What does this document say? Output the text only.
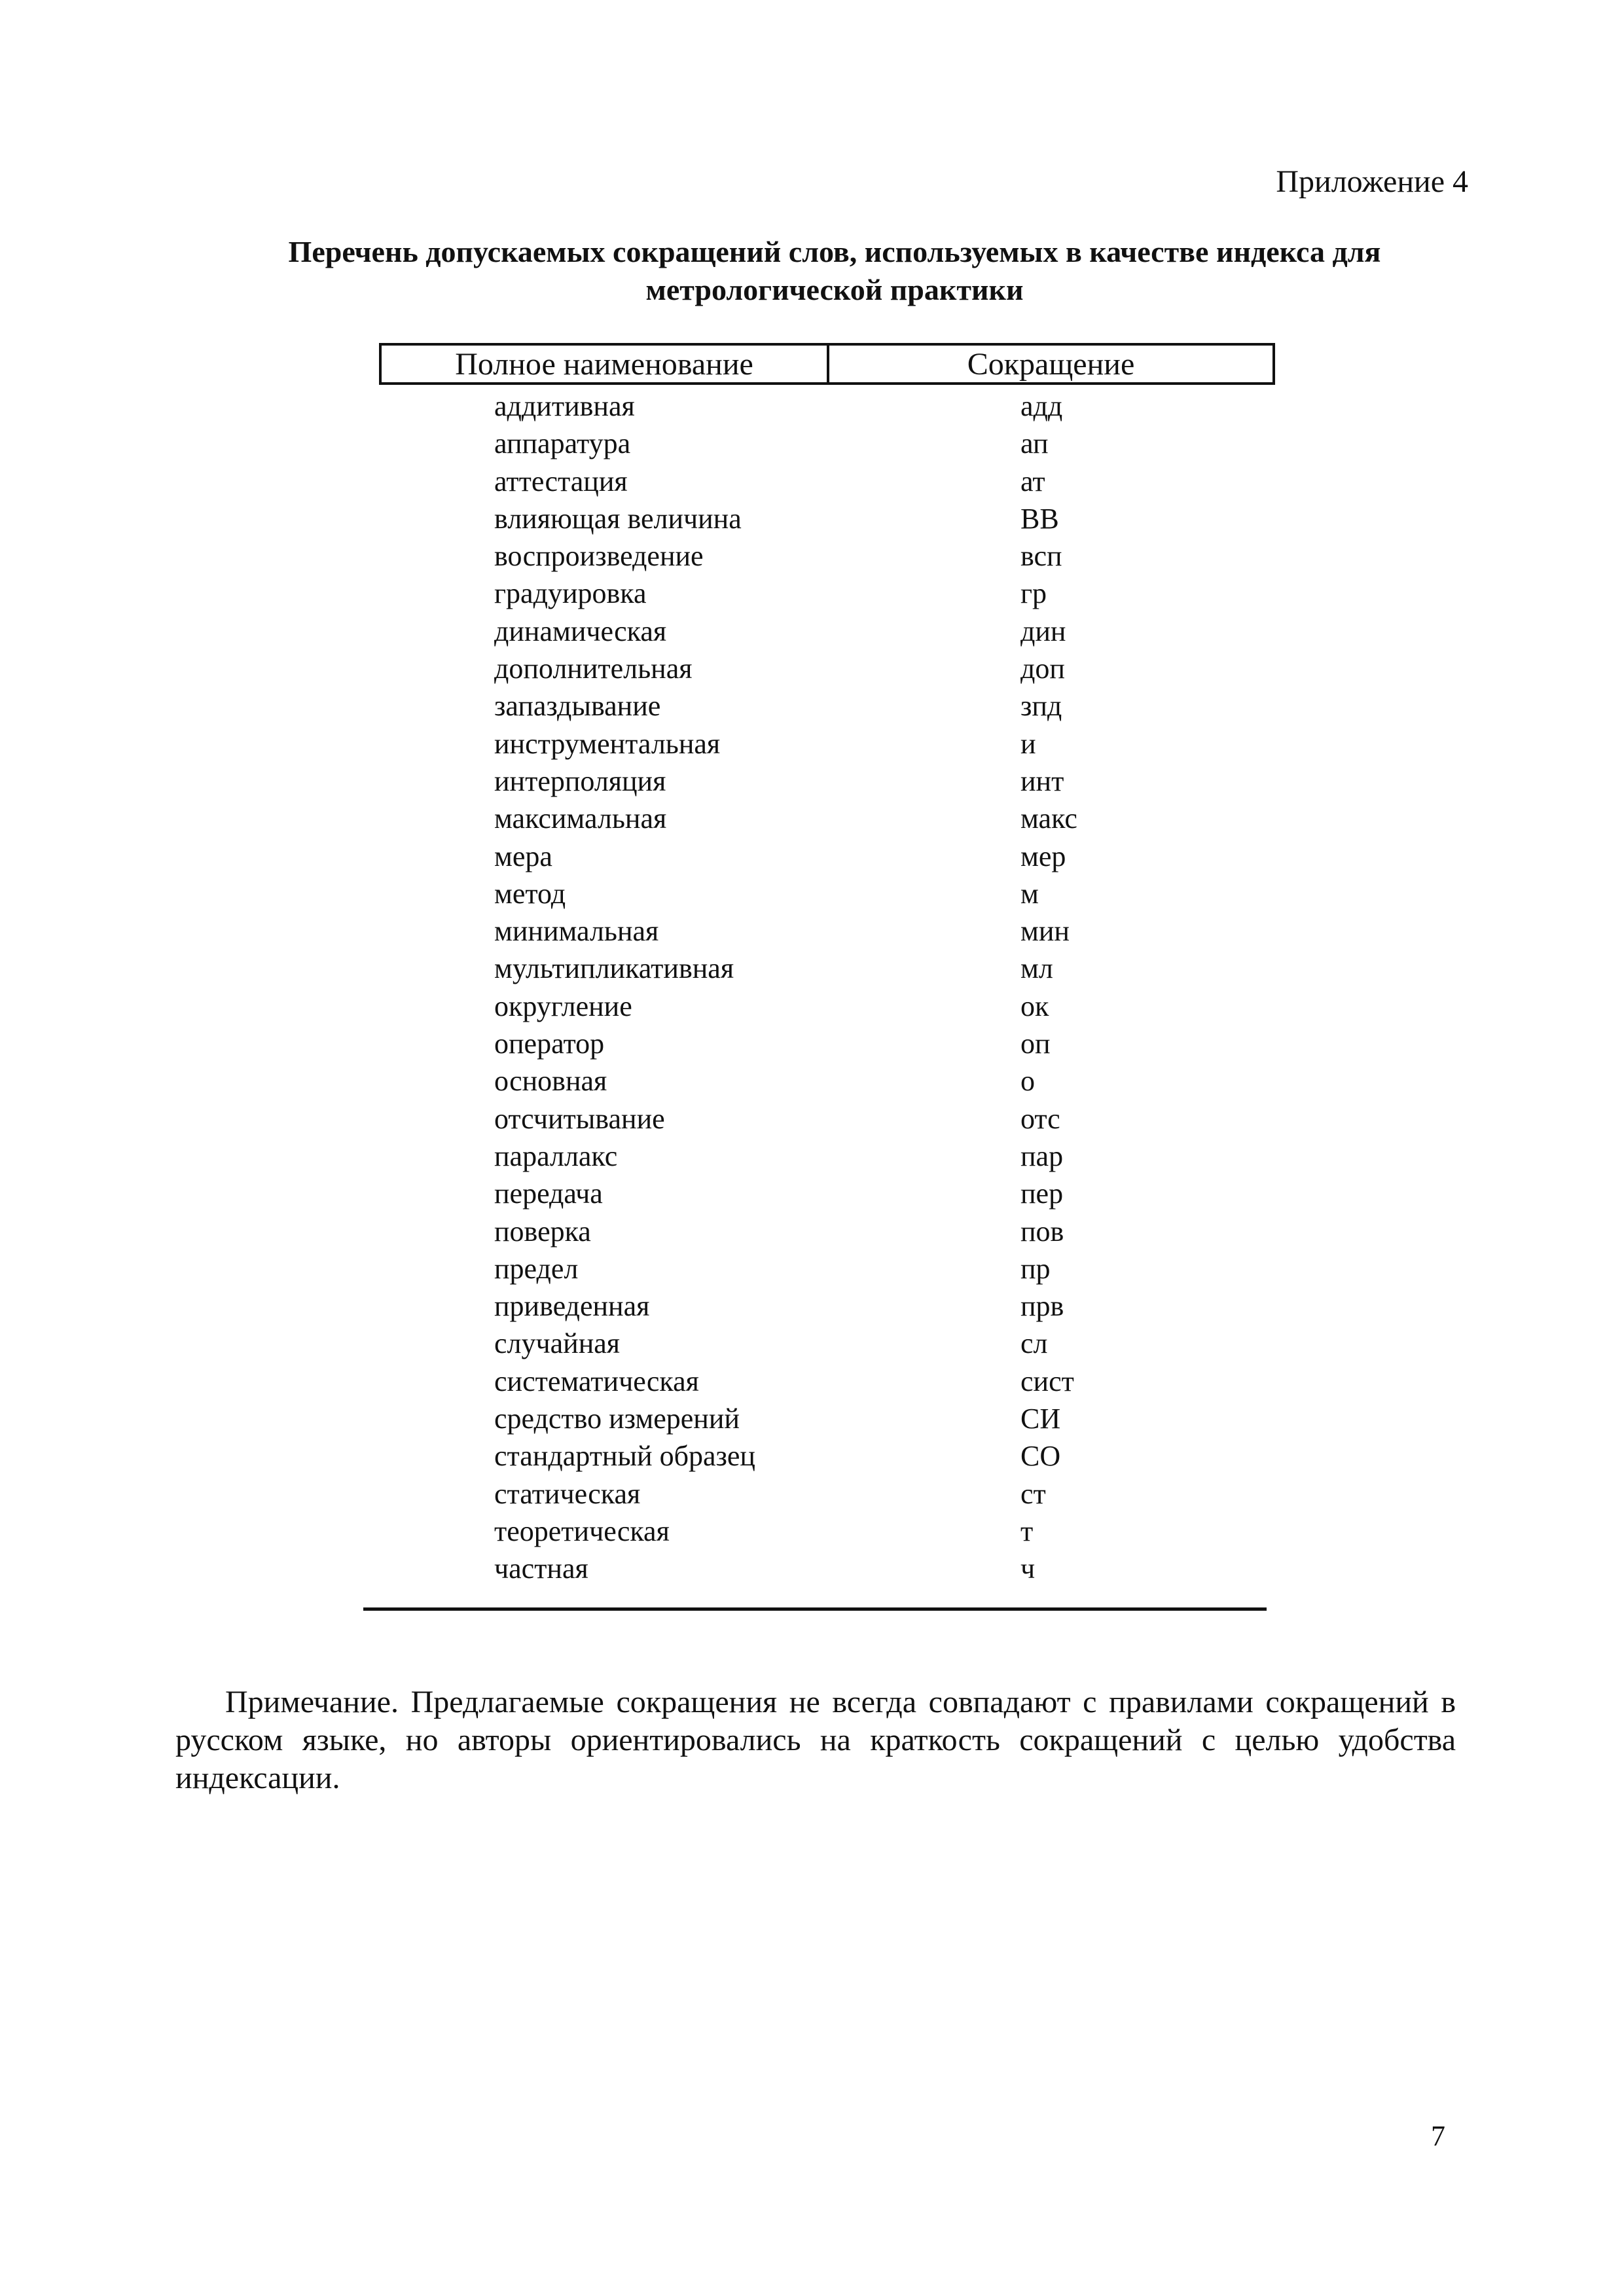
Приложение 4
Перечень допускаемых сокращений слов, используемых в качестве индекса для
метрологической практики
Полное наименование	Сокращение
аддитивная	адд
аппаратура	ап
аттестация	ат
влияющая величина	ВВ
воспроизведение	всп
градуировка	гр
динамическая	дин
дополнительная	доп
запаздывание	зпд
инструментальная	и
интерполяция	инт
максимальная	макс
мера	мер
метод	м
минимальная	мин
мультипликативная	мл
округление	ок
оператор	оп
основная	о
отсчитывание	отс
параллакс	пар
передача	пер
поверка	пов
предел	пр
приведенная	прв
случайная	сл
систематическая	сист
средство измерений	СИ
стандартный образец	СО
статическая	ст
теоретическая	т
частная	ч
Примечание. Предлагаемые сокращения не всегда совпадают с правилами сокращений в русском языке, но авторы ориентировались на краткость сокращений с целью удобства индексации.
7
